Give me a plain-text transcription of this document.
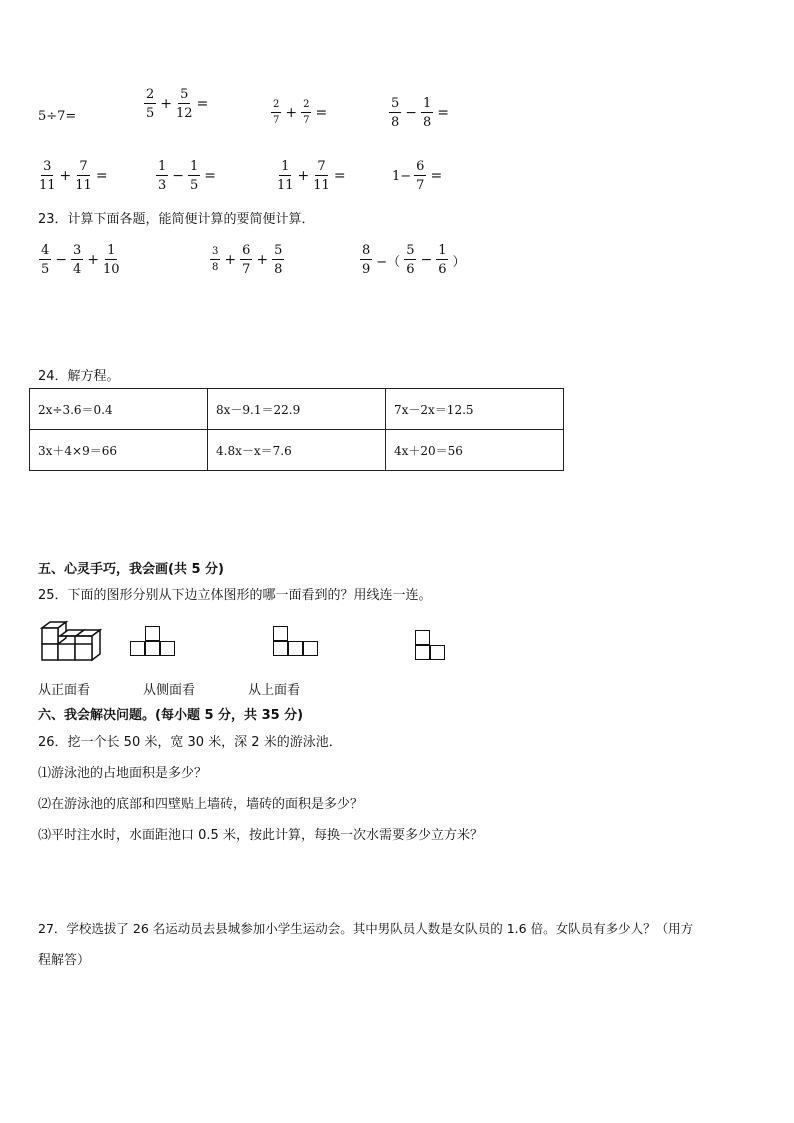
5÷7=	$\frac{2}{5} + \frac{5}{12}$ =	$\frac{2}{7} + \frac{2}{7}$ =	$\frac{5}{8} - \frac{1}{8}$ =
$\frac{3}{11} + \frac{7}{11}$ =	$\frac{1}{3} - \frac{1}{5}$ =	$\frac{1}{11} + \frac{7}{11}$ =	$1- \frac{6}{7}$ =
23．计算下面各题，能简便计算的要简便计算．
$\frac{4}{5} - \frac{3}{4} + \frac{1}{10}$	$\frac{3}{8} + \frac{6}{7} + \frac{5}{8}$	$\frac{8}{9}$ −（ $\frac{5}{6} - \frac{1}{6}$ ）
24．解方程。
2x÷3.6＝0.4	8x－9.1＝22.9	7x－2x＝12.5
3x＋4×9＝66	4.8x－x＝7.6	4x＋20＝56
五、心灵手巧，我会画(共 5 分)
25．下面的图形分别从下边立体图形的哪一面看到的？用线连一连。
从正面看	从侧面看	从上面看
六、我会解决问题。(每小题 5 分，共 35 分)
26．挖一个长 50 米，宽 30 米，深 2 米的游泳池．
⑴游泳池的占地面积是多少？
⑵在游泳池的底部和四壁贴上墙砖，墙砖的面积是多少？
⑶平时注水时，水面距池口 0.5 米，按此计算，每换一次水需要多少立方米？
27．学校选拔了 26 名运动员去县城参加小学生运动会。其中男队员人数是女队员的 1.6 倍。女队员有多少人？（用方
程解答）
